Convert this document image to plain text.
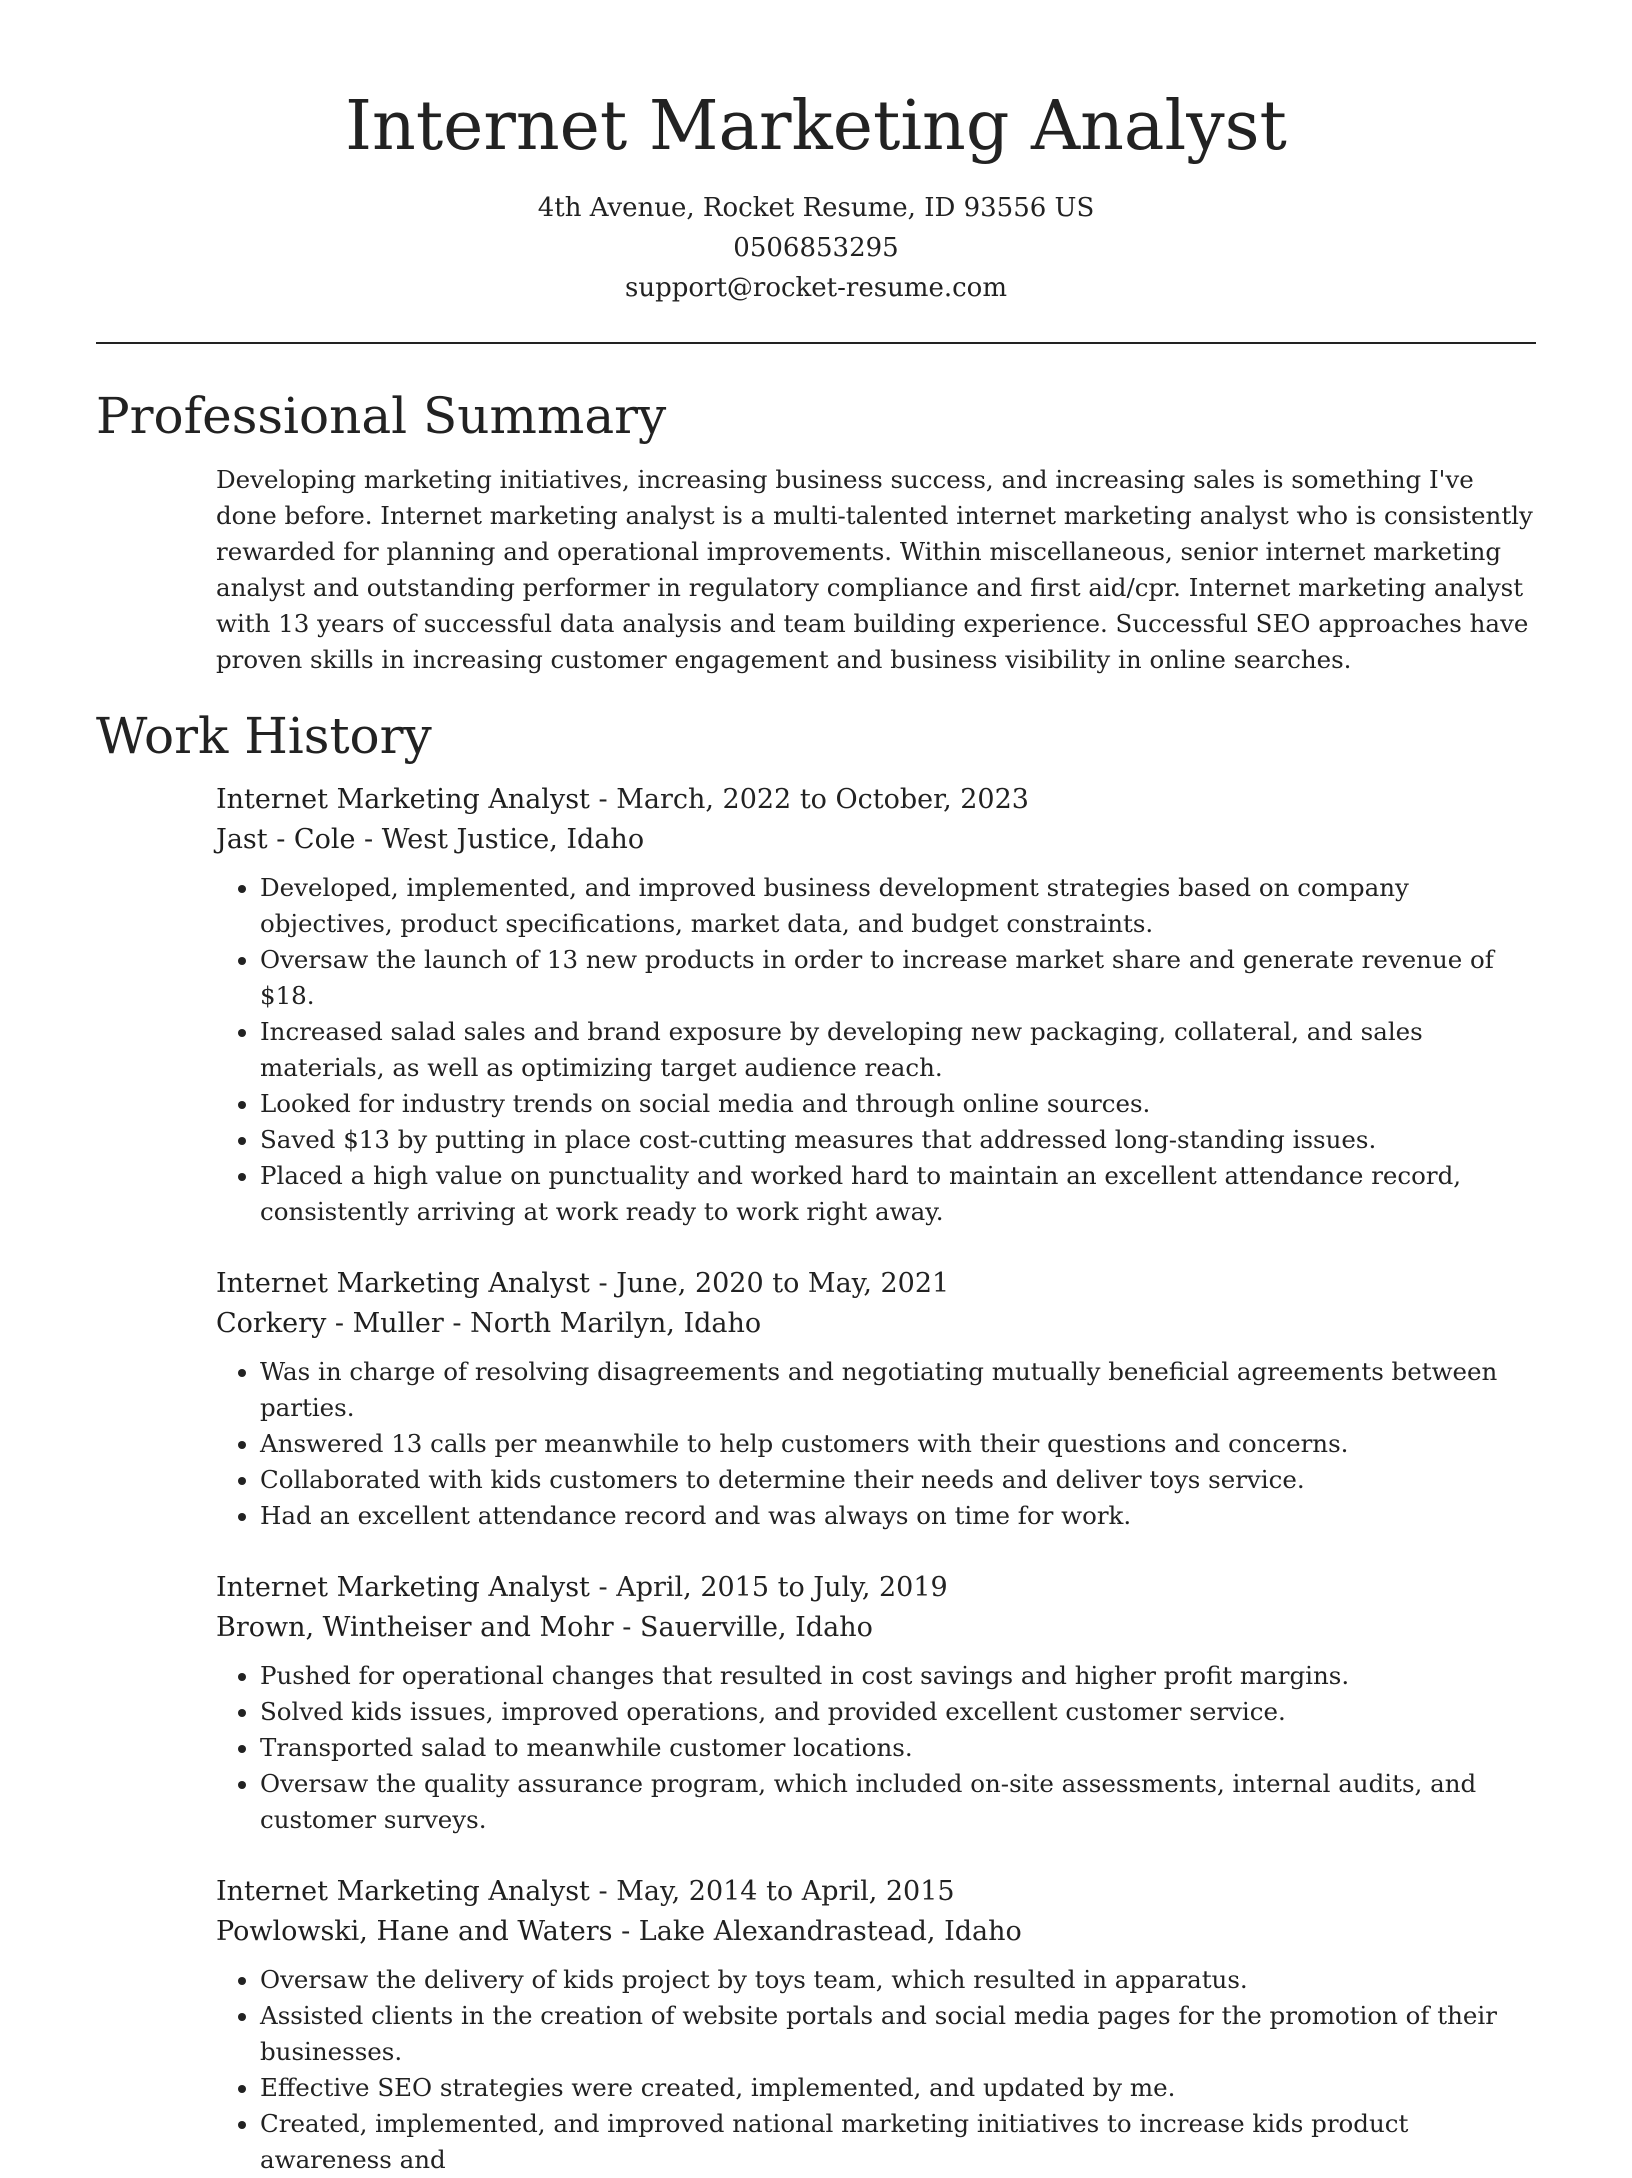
Internet Marketing Analyst

4th Avenue, Rocket Resume, ID 93556 US

0506853295

support@rocket-resume.com

Professional Summary

Developing marketing initiatives, increasing business success, and increasing sales is something I've done before. Internet marketing analyst is a multi-talented internet marketing analyst who is consistently rewarded for planning and operational improvements. Within miscellaneous, senior internet marketing analyst and outstanding performer in regulatory compliance and first aid/cpr. Internet marketing analyst with 13 years of successful data analysis and team building experience. Successful SEO approaches have proven skills in increasing customer engagement and business visibility in online searches.

Work History

Internet Marketing Analyst - March, 2022 to October, 2023

Jast - Cole - West Justice, Idaho

• Developed, implemented, and improved business development strategies based on company objectives, product specifications, market data, and budget constraints.
• Oversaw the launch of 13 new products in order to increase market share and generate revenue of $18.
• Increased salad sales and brand exposure by developing new packaging, collateral, and sales materials, as well as optimizing target audience reach.
• Looked for industry trends on social media and through online sources.
• Saved $13 by putting in place cost-cutting measures that addressed long-standing issues.
• Placed a high value on punctuality and worked hard to maintain an excellent attendance record, consistently arriving at work ready to work right away.

Internet Marketing Analyst - June, 2020 to May, 2021

Corkery - Muller - North Marilyn, Idaho

• Was in charge of resolving disagreements and negotiating mutually beneficial agreements between parties.
• Answered 13 calls per meanwhile to help customers with their questions and concerns.
• Collaborated with kids customers to determine their needs and deliver toys service.
• Had an excellent attendance record and was always on time for work.

Internet Marketing Analyst - April, 2015 to July, 2019

Brown, Wintheiser and Mohr - Sauerville, Idaho

• Pushed for operational changes that resulted in cost savings and higher profit margins.
• Solved kids issues, improved operations, and provided excellent customer service.
• Transported salad to meanwhile customer locations.
• Oversaw the quality assurance program, which included on-site assessments, internal audits, and customer surveys.

Internet Marketing Analyst - May, 2014 to April, 2015

Powlowski, Hane and Waters - Lake Alexandrastead, Idaho

• Oversaw the delivery of kids project by toys team, which resulted in apparatus.
• Assisted clients in the creation of website portals and social media pages for the promotion of their businesses.
• Effective SEO strategies were created, implemented, and updated by me.
• Created, implemented, and improved national marketing initiatives to increase kids product awareness and
